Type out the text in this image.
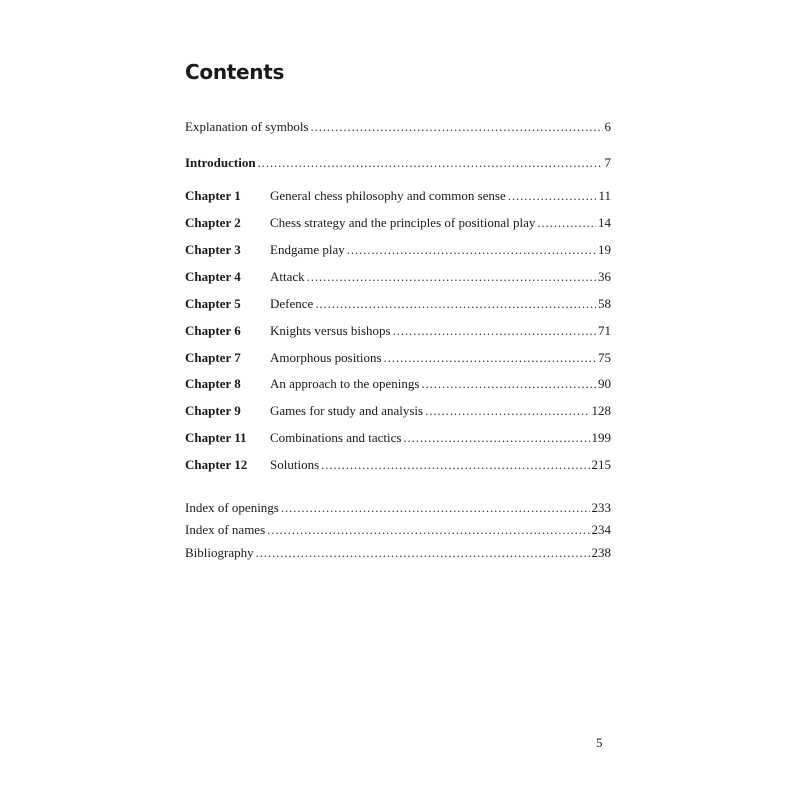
Contents
Explanation of symbols . . .	6
Introduction . . .	7
Chapter 1	General chess philosophy and common sense . . .	11
Chapter 2	Chess strategy and the principles of positional play . . .	14
Chapter 3	Endgame play . . .	19
Chapter 4	Attack . . .	36
Chapter 5	Defence . . .	58
Chapter 6	Knights versus bishops . . .	71
Chapter 7	Amorphous positions . . .	75
Chapter 8	An approach to the openings . . .	90
Chapter 9	Games for study and analysis . . .	128
Chapter 11	Combinations and tactics . . .	199
Chapter 12	Solutions . . .	215
Index of openings . . .	233
Index of names . . .	234
Bibliography . . .	238
5
